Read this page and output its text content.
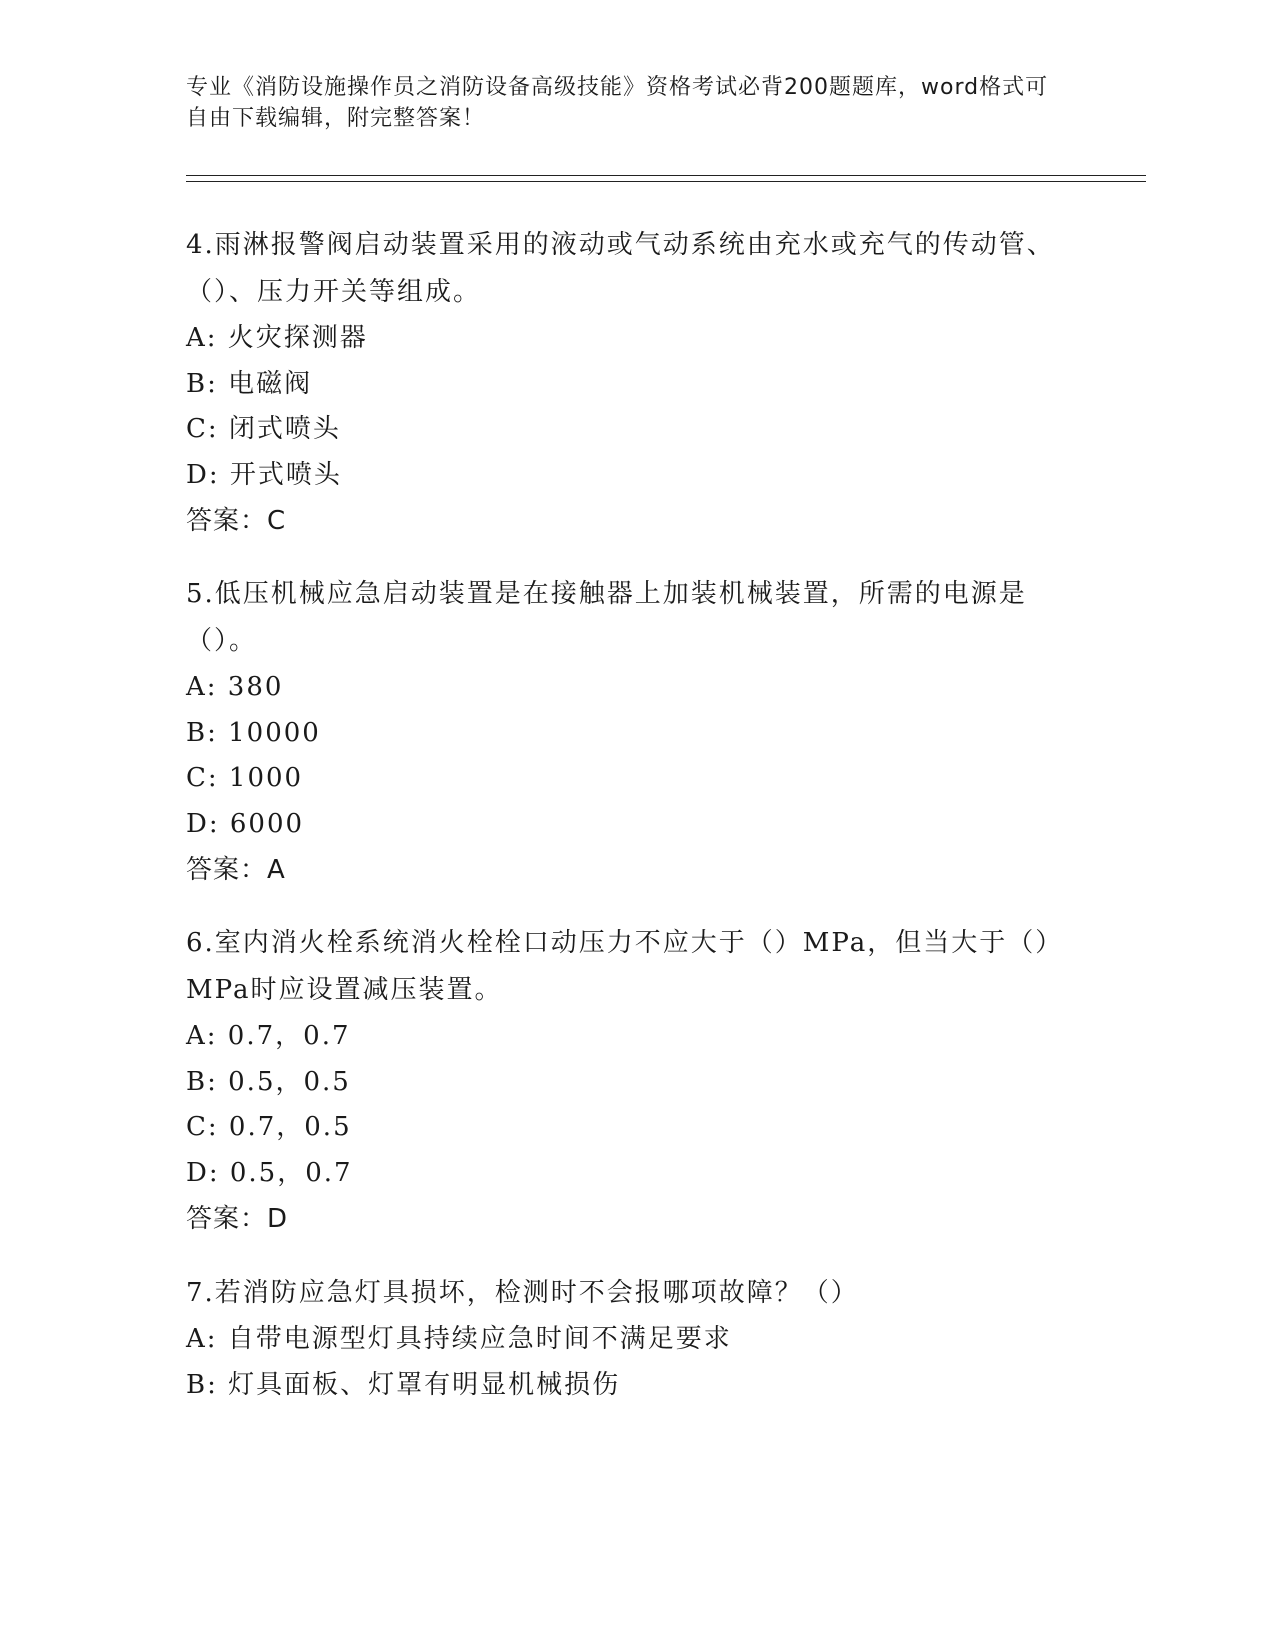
专业《消防设施操作员之消防设备高级技能》资格考试必背200题题库，word格式可自由下载编辑，附完整答案！
4.雨淋报警阀启动装置采用的液动或气动系统由充水或充气的传动管、（）、压力开关等组成。
A: 火灾探测器
B: 电磁阀
C: 闭式喷头
D: 开式喷头
答案：C
5.低压机械应急启动装置是在接触器上加装机械装置，所需的电源是（）。
A: 380
B: 10000
C: 1000
D: 6000
答案：A
6.室内消火栓系统消火栓栓口动压力不应大于（）MPa，但当大于（）MPa时应设置减压装置。
A: 0.7，0.7
B: 0.5，0.5
C: 0.7，0.5
D: 0.5，0.7
答案：D
7.若消防应急灯具损坏，检测时不会报哪项故障？（）
A: 自带电源型灯具持续应急时间不满足要求
B: 灯具面板、灯罩有明显机械损伤
